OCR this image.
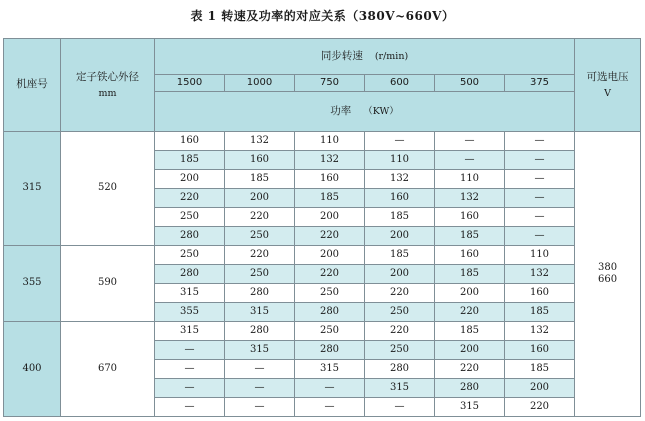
表 1 转速及功率的对应关系（380V~660V）
机座号	定子铁心外径
mm	同步转速 (r/min)						可选电压
V

		1500	1000	750	600	500	375	
		功率 （KW）						
315	520	160	132	110	—	—	—	380
660

		185	160	132	110	—	—	
		200	185	160	132	110	—	
		220	200	185	160	132	—	
		250	220	200	185	160	—	
		280	250	220	200	185	—	
355	590	250	220	200	185	160	110	
		280	250	220	200	185	132	
		315	280	250	220	200	160	
		355	315	280	250	220	185	
400	670	315	280	250	220	185	132	
		—	315	280	250	200	160	
		—	—	315	280	220	185	
		—	—	—	315	280	200	
		—	—	—	—	315	220	
